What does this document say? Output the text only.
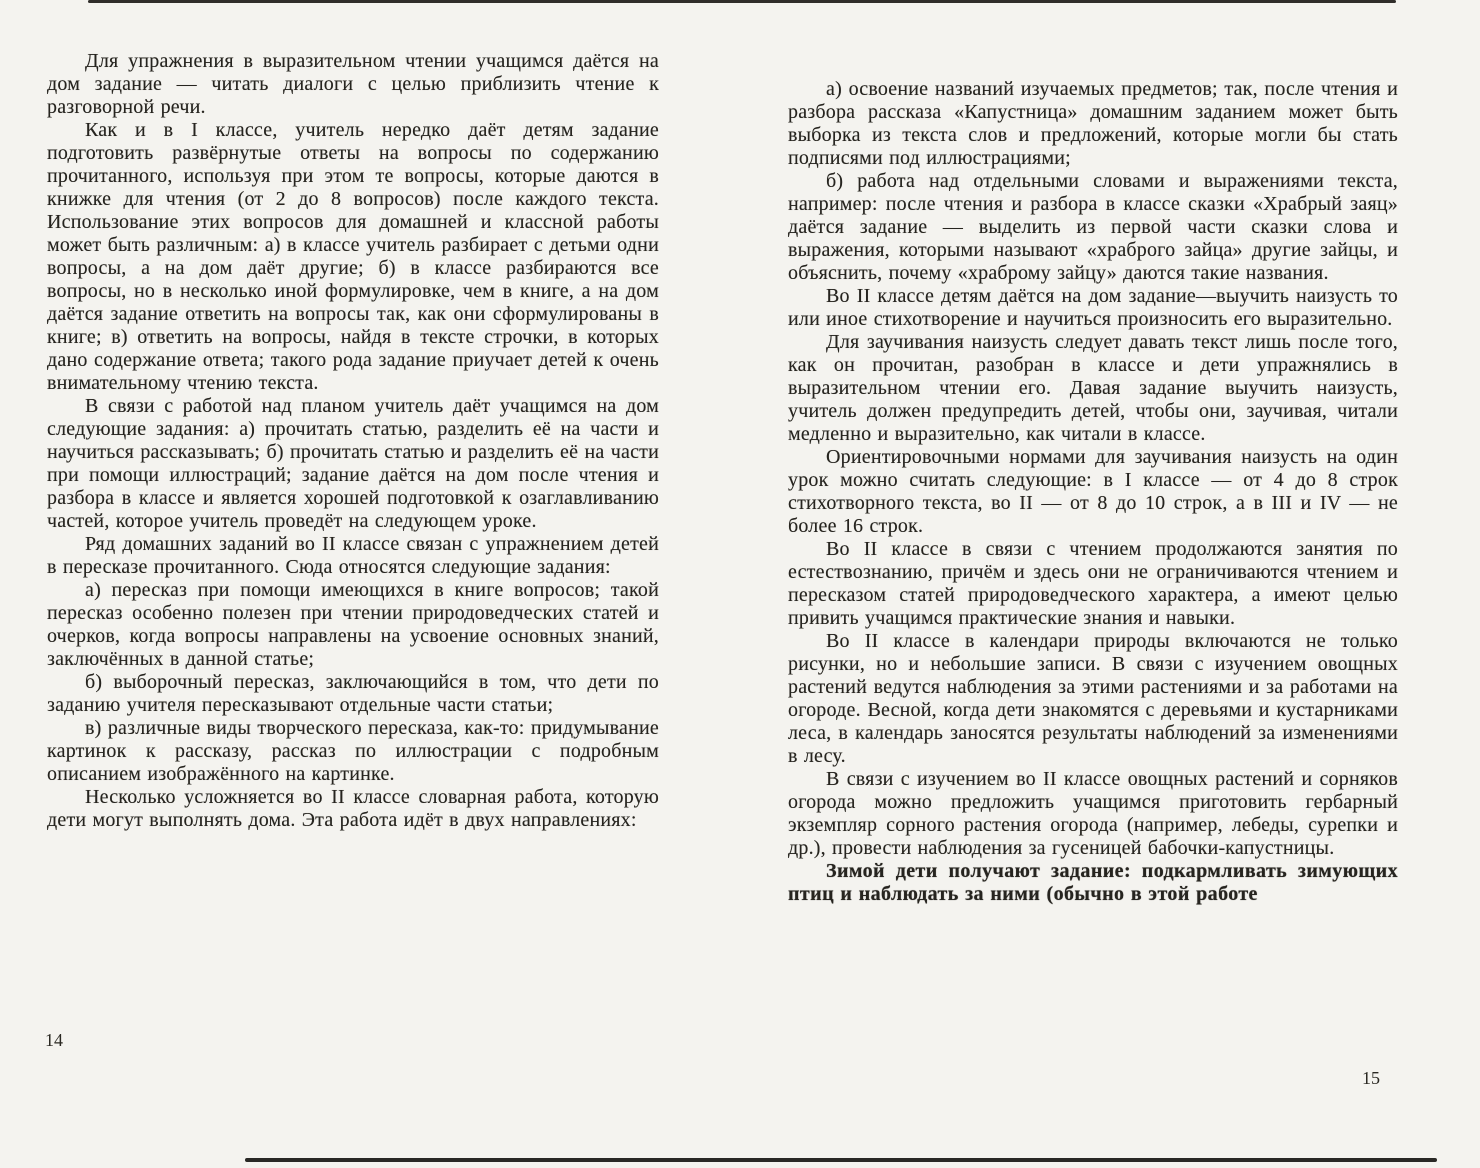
Для упражнения в выразительном чтении учащимся даётся на дом задание — читать диалоги с целью приблизить чтение к разговорной речи.

Как и в I классе, учитель нередко даёт детям задание подготовить развёрнутые ответы на вопросы по содержанию прочитанного, используя при этом те вопросы, которые даются в книжке для чтения (от 2 до 8 вопросов) после каждого текста. Использование этих вопросов для домашней и классной работы может быть различным: а) в классе учитель разбирает с детьми одни вопросы, а на дом даёт другие; б) в классе разбираются все вопросы, но в несколько иной формулировке, чем в книге, а на дом даётся задание ответить на вопросы так, как они сформулированы в книге; в) ответить на вопросы, найдя в тексте строчки, в которых дано содержание ответа; такого рода задание приучает детей к очень внимательному чтению текста.

В связи с работой над планом учитель даёт учащимся на дом следующие задания: а) прочитать статью, разделить её на части и научиться рассказывать; б) прочитать статью и разделить её на части при помощи иллюстраций; задание даётся на дом после чтения и разбора в классе и является хорошей подготовкой к озаглавливанию частей, которое учитель проведёт на следующем уроке.

Ряд домашних заданий во II классе связан с упражнением детей в пересказе прочитанного. Сюда относятся следующие задания:

а) пересказ при помощи имеющихся в книге вопросов; такой пересказ особенно полезен при чтении природоведческих статей и очерков, когда вопросы направлены на усвоение основных знаний, заключённых в данной статье;

б) выборочный пересказ, заключающийся в том, что дети по заданию учителя пересказывают отдельные части статьи;

в) различные виды творческого пересказа, как-то: придумывание картинок к рассказу, рассказ по иллюстрации с подробным описанием изображённого на картинке.

Несколько усложняется во II классе словарная работа, которую дети могут выполнять дома. Эта работа идёт в двух направлениях:

а) освоение названий изучаемых предметов; так, после чтения и разбора рассказа «Капустница» домашним заданием может быть выборка из текста слов и предложений, которые могли бы стать подписями под иллюстрациями;

б) работа над отдельными словами и выражениями текста, например: после чтения и разбора в классе сказки «Храбрый заяц» даётся задание — выделить из первой части сказки слова и выражения, которыми называют «храброго зайца» другие зайцы, и объяснить, почему «храброму зайцу» даются такие названия.

Во II классе детям даётся на дом задание—выучить наизусть то или иное стихотворение и научиться произносить его выразительно.

Для заучивания наизусть следует давать текст лишь после того, как он прочитан, разобран в классе и дети упражнялись в выразительном чтении его. Давая задание выучить наизусть, учитель должен предупредить детей, чтобы они, заучивая, читали медленно и выразительно, как читали в классе.

Ориентировочными нормами для заучивания наизусть на один урок можно считать следующие: в I классе — от 4 до 8 строк стихотворного текста, во II — от 8 до 10 строк, а в III и IV — не более 16 строк.

Во II классе в связи с чтением продолжаются занятия по естествознанию, причём и здесь они не ограничиваются чтением и пересказом статей природоведческого характера, а имеют целью привить учащимся практические знания и навыки.

Во II классе в календари природы включаются не только рисунки, но и небольшие записи. В связи с изучением овощных растений ведутся наблюдения за этими растениями и за работами на огороде. Весной, когда дети знакомятся с деревьями и кустарниками леса, в календарь заносятся результаты наблюдений за изменениями в лесу.

В связи с изучением во II классе овощных растений и сорняков огорода можно предложить учащимся приготовить гербарный экземпляр сорного растения огорода (например, лебеды, сурепки и др.), провести наблюдения за гусеницей бабочки-капустницы.

Зимой дети получают задание: подкармливать зимующих птиц и наблюдать за ними (обычно в этой работе

14
15
